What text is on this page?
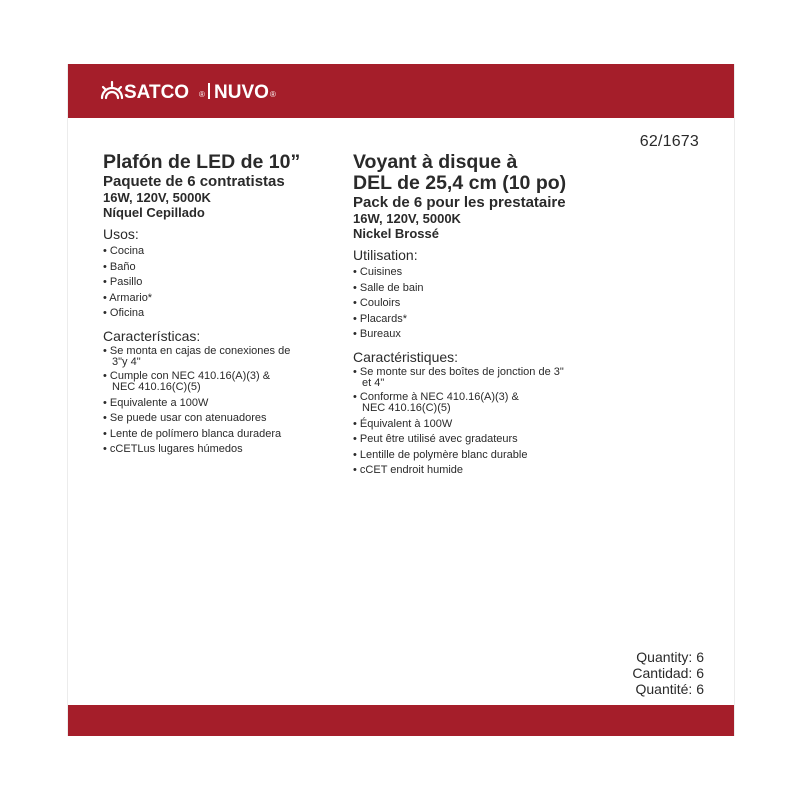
SATCO ® NUVO ®
62/1673

Plafón de LED de 10”

Paquete de 6 contratistas

16W, 120V, 5000K

Níquel Cepillado

Usos:
• Cocina
• Baño
• Pasillo
• Armario*
• Oficina
Características:
• Se monta en cajas de conexiones de 3"y 4"
• Cumple con NEC 410.16(A)(3) & NEC 410.16(C)(5)
• Equivalente a 100W
• Se puede usar con atenuadores
• Lente de polímero blanca duradera
• cCETLus lugares húmedos

Voyant à disque à

DEL de 25,4 cm (10 po)

Pack de 6 pour les prestataire

16W, 120V, 5000K

Nickel Brossé

Utilisation:
• Cuisines
• Salle de bain
• Couloirs
• Placards*
• Bureaux
Caractéristiques:
• Se monte sur des boîtes de jonction de 3" et 4"
• Conforme à NEC 410.16(A)(3) & NEC 410.16(C)(5)
• Équivalent à 100W
• Peut être utilisé avec gradateurs
• Lentille de polymère blanc durable
• cCET endroit humide
Quantity: 6
Cantidad: 6
Quantité: 6
